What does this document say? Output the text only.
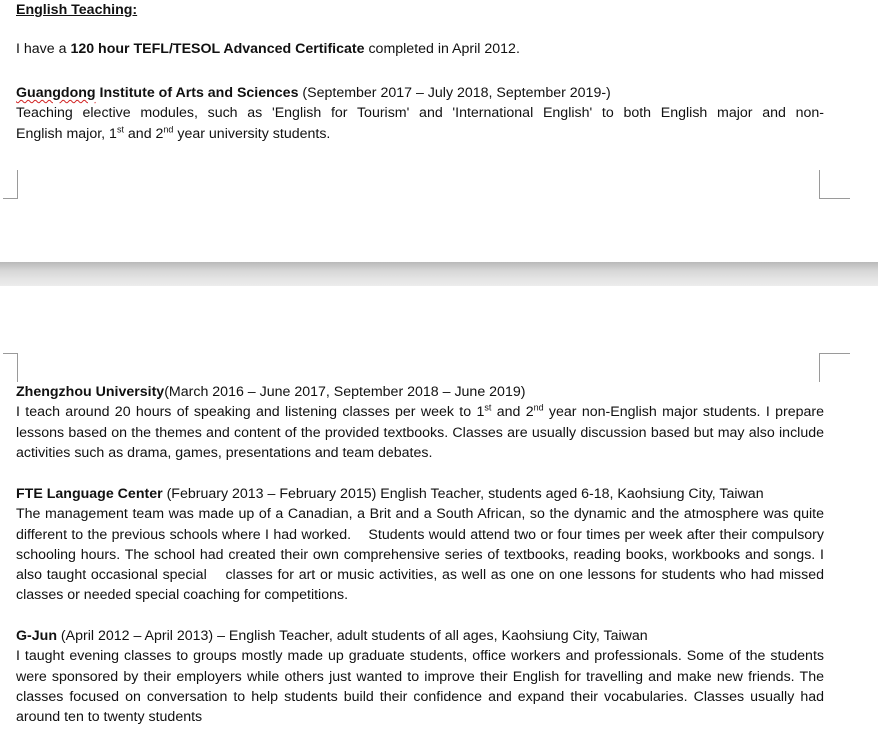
English Teaching:
I have a 120 hour TEFL/TESOL Advanced Certificate completed in April 2012.

Guangdong Institute of Arts and Sciences (September 2017 – July 2018, September 2019-)

Teaching elective modules, such as 'English for Tourism' and 'International English' to both English major and non-

English major, 1st and 2nd year university students.

Zhengzhou University(March 2016 – June 2017, September 2018 – June 2019)

I teach around 20 hours of speaking and listening classes per week to 1st and 2nd year non-English major students. I prepare lessons based on the themes and content of the provided textbooks. Classes are usually discussion based but may also include activities such as drama, games, presentations and team debates.

FTE Language Center (February 2013 – February 2015) English Teacher, students aged 6-18, Kaohsiung City, Taiwan

The management team was made up of a Canadian, a Brit and a South African, so the dynamic and the atmosphere was quite different to the previous schools where I had worked.    Students would attend two or four times per week after their compulsory schooling hours. The school had created their own comprehensive series of textbooks, reading books, workbooks and songs. I also taught occasional special    classes for art or music activities, as well as one on one lessons for students who had missed classes or needed special coaching for competitions.

G-Jun (April 2012 – April 2013) – English Teacher, adult students of all ages, Kaohsiung City, Taiwan

I taught evening classes to groups mostly made up graduate students, office workers and professionals. Some of the students were sponsored by their employers while others just wanted to improve their English for travelling and make new friends. The classes focused on conversation to help students build their confidence and expand their vocabularies. Classes usually had around ten to twenty students
